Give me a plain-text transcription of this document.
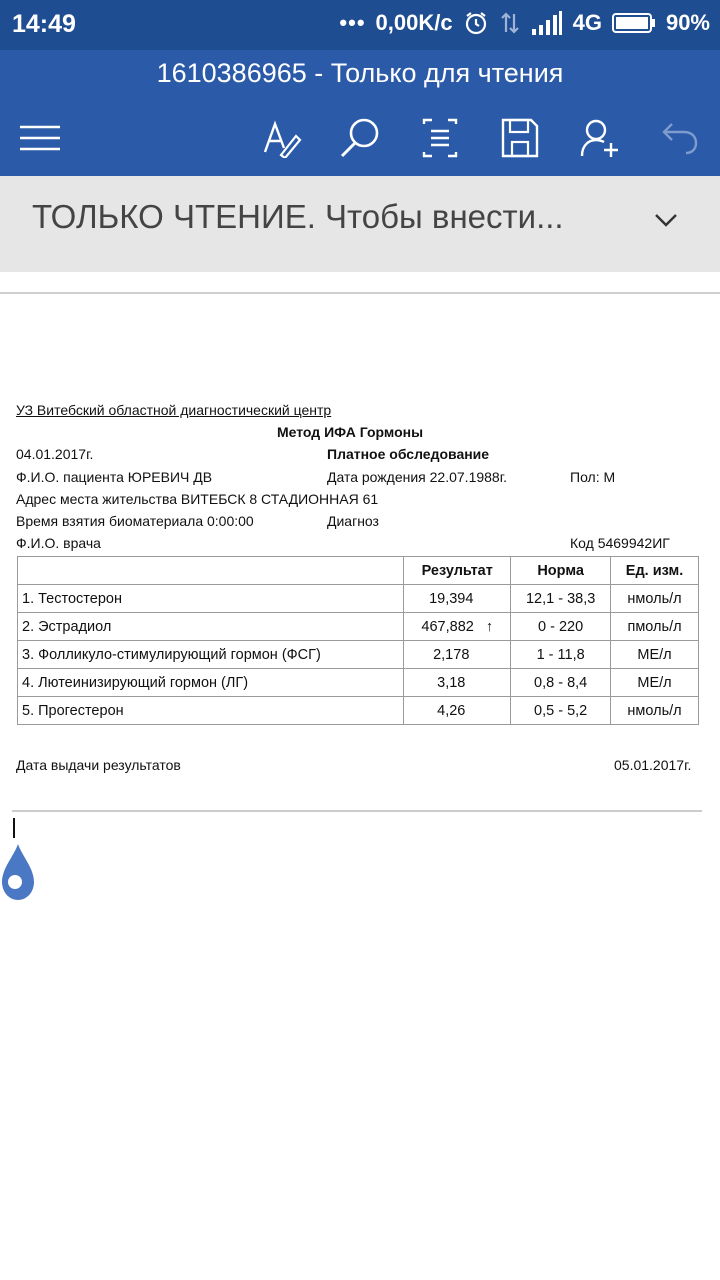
14:49	••• 0,00K/c	4G	90%
1610386965 - Только для чтения
ТОЛЬКО ЧТЕНИЕ. Чтобы внести...
УЗ Витебский областной диагностический центр
Метод ИФА Гормоны
04.01.2017г.	Платное обследование
Ф.И.О. пациента ЮРЕВИЧ ДВ	Дата рождения 22.07.1988г.	Пол: М
Адрес места жительства ВИТЕБСК 8 СТАДИОННАЯ 61
Время взятия биоматериала 0:00:00	Диагноз
Ф.И.О. врача	Код 5469942ИГ
	Результат	Норма	Ед. изм.
1. Тестостерон	19,394	12,1 - 38,3	нмоль/л
2. Эстрадиол	467,882 ↑	0 - 220	пмоль/л
3. Фолликуло-стимулирующий гормон (ФСГ)	2,178	1 - 11,8	МЕ/л
4. Лютеинизирующий гормон (ЛГ)	3,18	0,8 - 8,4	МЕ/л
5. Прогестерон	4,26	0,5 - 5,2	нмоль/л
Дата выдачи результатов	05.01.2017г.
